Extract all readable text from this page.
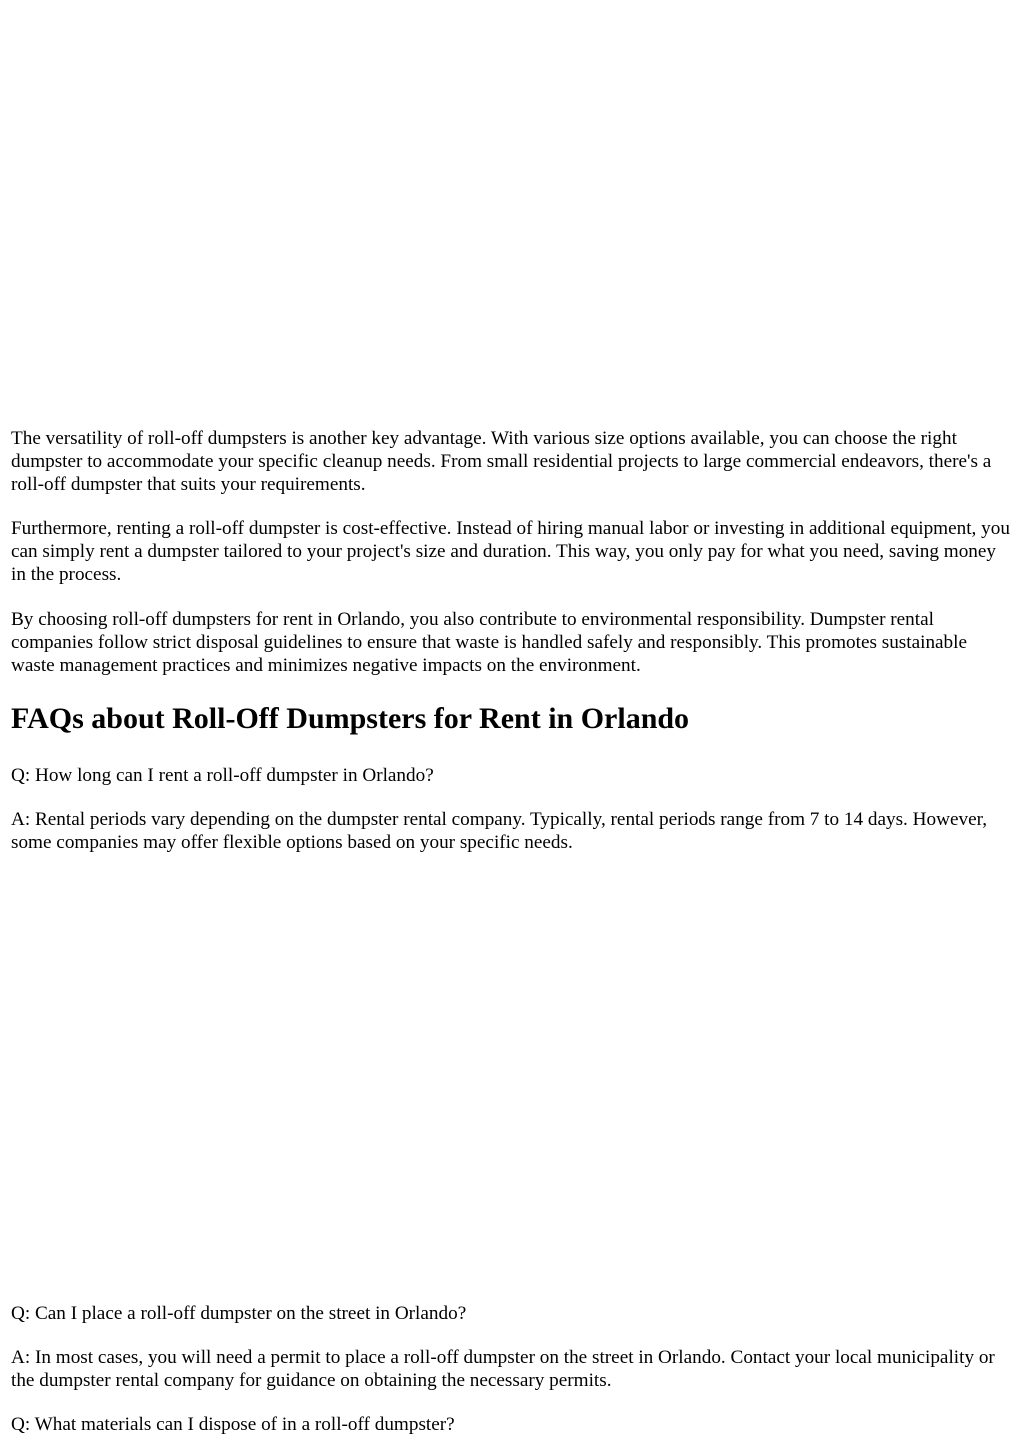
The versatility of roll-off dumpsters is another key advantage. With various size options available, you can choose the right dumpster to accommodate your specific cleanup needs. From small residential projects to large commercial endeavors, there's a roll-off dumpster that suits your requirements.

Furthermore, renting a roll-off dumpster is cost-effective. Instead of hiring manual labor or investing in additional equipment, you can simply rent a dumpster tailored to your project's size and duration. This way, you only pay for what you need, saving money in the process.

By choosing roll-off dumpsters for rent in Orlando, you also contribute to environmental responsibility. Dumpster rental companies follow strict disposal guidelines to ensure that waste is handled safely and responsibly. This promotes sustainable waste management practices and minimizes negative impacts on the environment.

FAQs about Roll-Off Dumpsters for Rent in Orlando

Q: How long can I rent a roll-off dumpster in Orlando?

A: Rental periods vary depending on the dumpster rental company. Typically, rental periods range from 7 to 14 days. However, some companies may offer flexible options based on your specific needs.

Q: Can I place a roll-off dumpster on the street in Orlando?

A: In most cases, you will need a permit to place a roll-off dumpster on the street in Orlando. Contact your local municipality or the dumpster rental company for guidance on obtaining the necessary permits.

Q: What materials can I dispose of in a roll-off dumpster?
